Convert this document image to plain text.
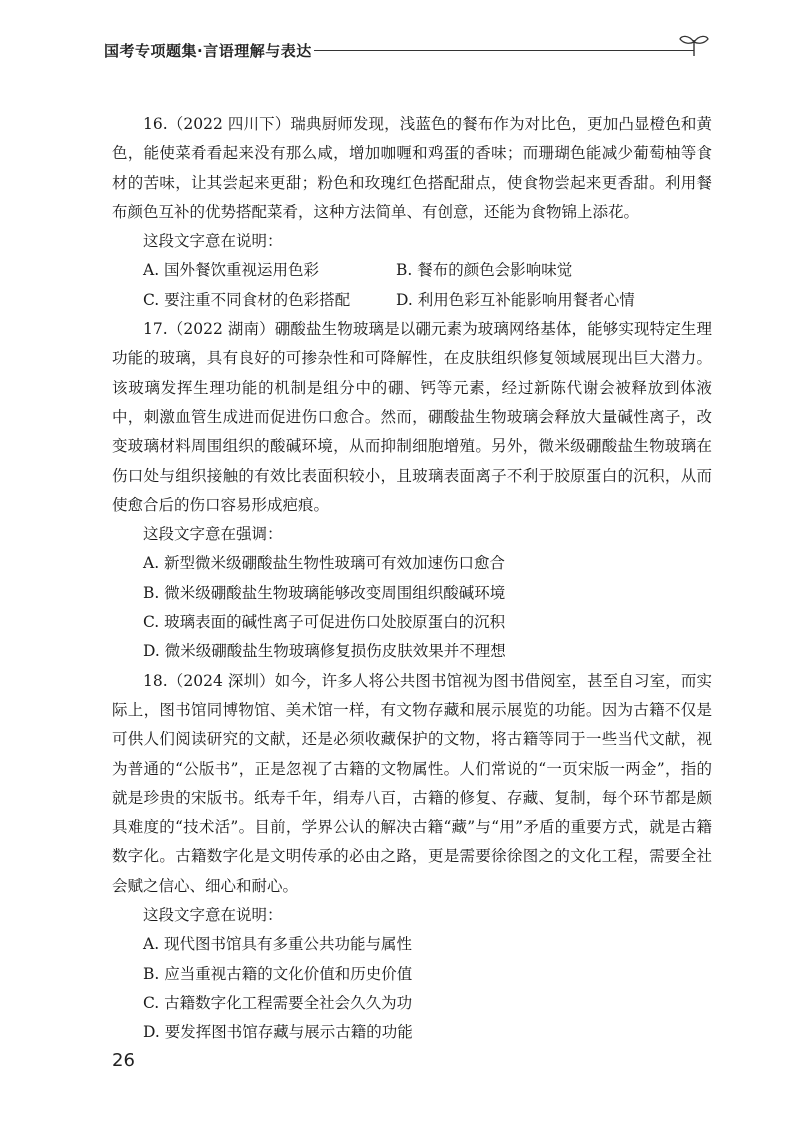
国考专项题集·言语理解与表达

16.（2022 四川下）瑞典厨师发现，浅蓝色的餐布作为对比色，更加凸显橙色和黄色，能使菜肴看起来没有那么咸，增加咖喱和鸡蛋的香味；而珊瑚色能减少葡萄柚等食材的苦味，让其尝起来更甜；粉色和玫瑰红色搭配甜点，使食物尝起来更香甜。利用餐布颜色互补的优势搭配菜肴，这种方法简单、有创意，还能为食物锦上添花。

这段文字意在说明：

A. 国外餐饮重视运用色彩	B. 餐布的颜色会影响味觉

C. 要注重不同食材的色彩搭配	D. 利用色彩互补能影响用餐者心情

17.（2022 湖南）硼酸盐生物玻璃是以硼元素为玻璃网络基体，能够实现特定生理功能的玻璃，具有良好的可掺杂性和可降解性，在皮肤组织修复领域展现出巨大潜力。该玻璃发挥生理功能的机制是组分中的硼、钙等元素，经过新陈代谢会被释放到体液中，刺激血管生成进而促进伤口愈合。然而，硼酸盐生物玻璃会释放大量碱性离子，改变玻璃材料周围组织的酸碱环境，从而抑制细胞增殖。另外，微米级硼酸盐生物玻璃在伤口处与组织接触的有效比表面积较小，且玻璃表面离子不利于胶原蛋白的沉积，从而使愈合后的伤口容易形成疤痕。

这段文字意在强调：

A. 新型微米级硼酸盐生物性玻璃可有效加速伤口愈合

B. 微米级硼酸盐生物玻璃能够改变周围组织酸碱环境

C. 玻璃表面的碱性离子可促进伤口处胶原蛋白的沉积

D. 微米级硼酸盐生物玻璃修复损伤皮肤效果并不理想

18.（2024 深圳）如今，许多人将公共图书馆视为图书借阅室，甚至自习室，而实际上，图书馆同博物馆、美术馆一样，有文物存藏和展示展览的功能。因为古籍不仅是可供人们阅读研究的文献，还是必须收藏保护的文物，将古籍等同于一些当代文献，视为普通的“公版书”，正是忽视了古籍的文物属性。人们常说的“一页宋版一两金”，指的就是珍贵的宋版书。纸寿千年，绢寿八百，古籍的修复、存藏、复制，每个环节都是颇具难度的“技术活”。目前，学界公认的解决古籍“藏”与“用”矛盾的重要方式，就是古籍数字化。古籍数字化是文明传承的必由之路，更是需要徐徐图之的文化工程，需要全社会赋之信心、细心和耐心。

这段文字意在说明：

A. 现代图书馆具有多重公共功能与属性

B. 应当重视古籍的文化价值和历史价值

C. 古籍数字化工程需要全社会久久为功

D. 要发挥图书馆存藏与展示古籍的功能

26
